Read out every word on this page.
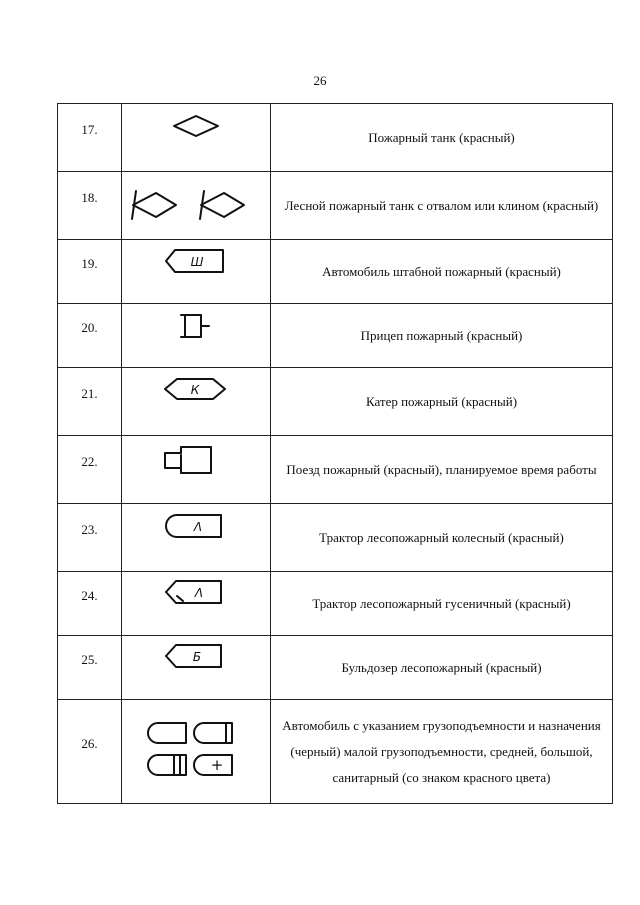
26
17.		Пожарный танк (красный)
18.		Лесной пожарный танк с отвалом или клином (красный)
19.	Ш	Автомобиль штабной пожарный (красный)
20.		Прицеп пожарный (красный)
21.	К	Катер пожарный (красный)
22.		Поезд пожарный (красный), планируемое время работы
23.	Λ	Трактор лесопожарный колесный (красный)
24.	Λ	Трактор лесопожарный гусеничный (красный)
25.	Б	Бульдозер лесопожарный (красный)
26.	+	Автомобиль с указанием грузоподъемности и назначения (черный) малой грузоподъемности, средней, большой, санитарный (со знаком красного цвета)
